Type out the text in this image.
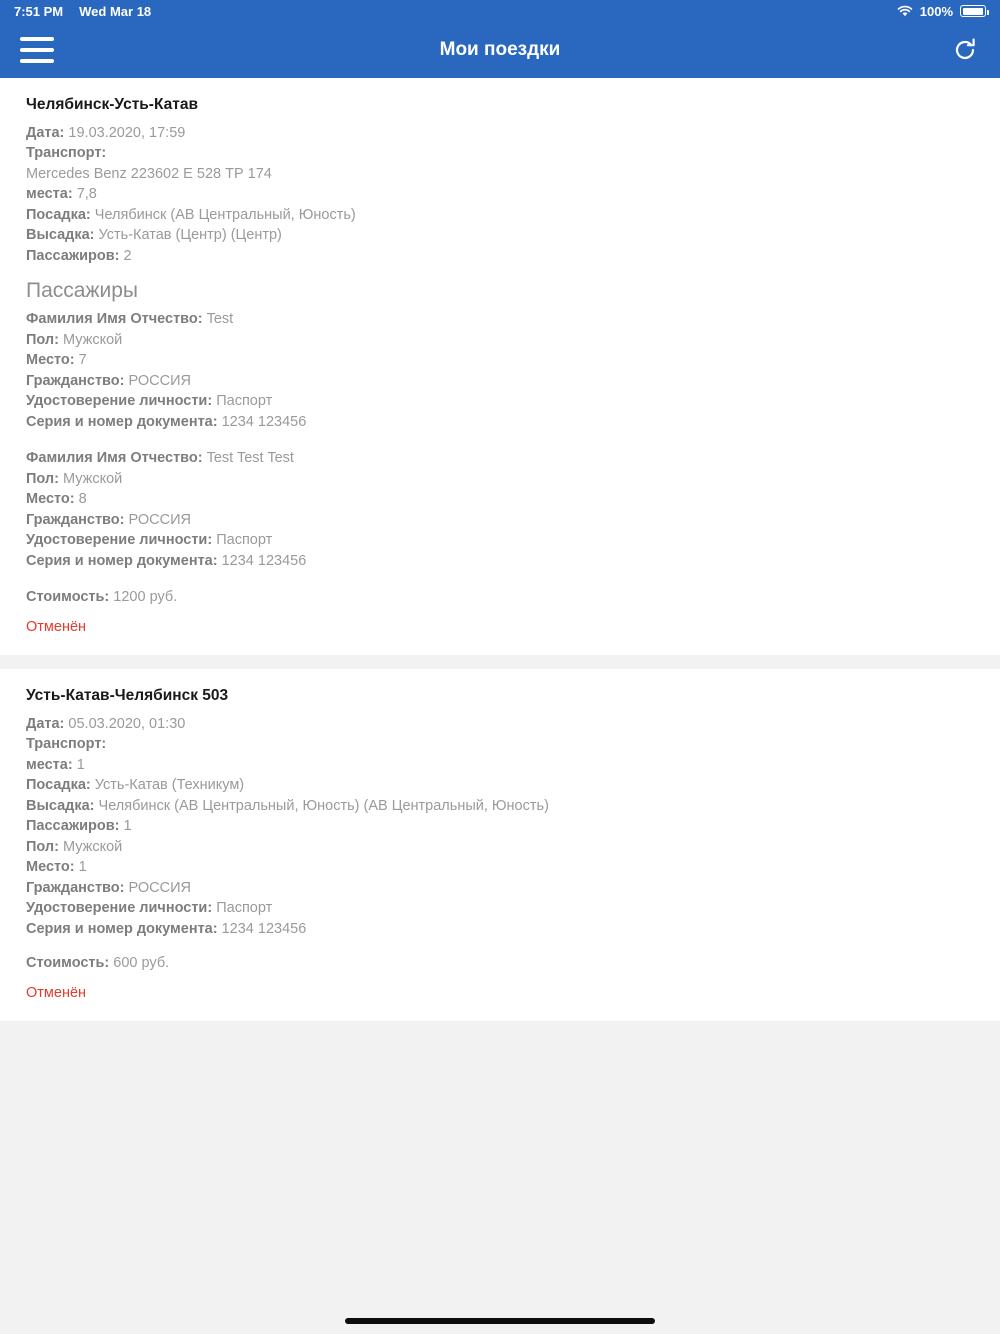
7:51 PM Wed Mar 18	100%
Мои поездки
Челябинск-Усть-Катав
Дата: 19.03.2020, 17:59
Транспорт:
Mercedes Benz 223602 Е 528 ТР 174
места: 7,8
Посадка: Челябинск (АВ Центральный, Юность)
Высадка: Усть-Катав (Центр) (Центр)
Пассажиров: 2
Пассажиры
Фамилия Имя Отчество: Test
Пол: Мужской
Место: 7
Гражданство: РОССИЯ
Удостоверение личности: Паспорт
Серия и номер документа: 1234 123456
Фамилия Имя Отчество: Test Test Test
Пол: Мужской
Место: 8
Гражданство: РОССИЯ
Удостоверение личности: Паспорт
Серия и номер документа: 1234 123456
Стоимость: 1200 руб.
Отменён
Усть-Катав-Челябинск 503
Дата: 05.03.2020, 01:30
Транспорт:
места: 1
Посадка: Усть-Катав (Техникум)
Высадка: Челябинск (АВ Центральный, Юность) (АВ Центральный, Юность)
Пассажиров: 1
Пол: Мужской
Место: 1
Гражданство: РОССИЯ
Удостоверение личности: Паспорт
Серия и номер документа: 1234 123456
Стоимость: 600 руб.
Отменён
